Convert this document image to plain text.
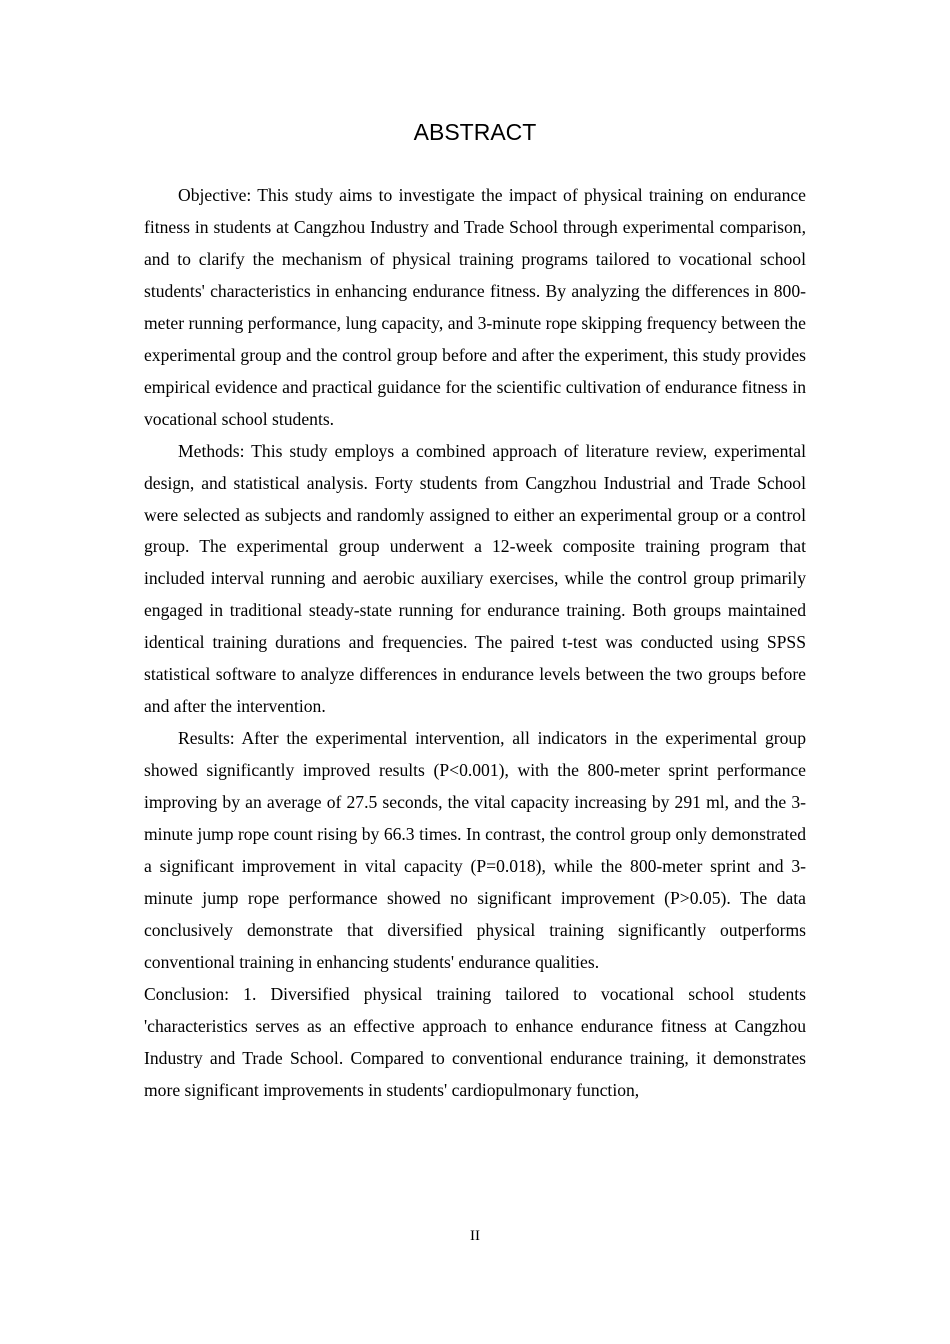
ABSTRACT

Objective: This study aims to investigate the impact of physical training on endurance fitness in students at Cangzhou Industry and Trade School through experimental comparison, and to clarify the mechanism of physical training programs tailored to vocational school students' characteristics in enhancing endurance fitness. By analyzing the differences in 800-meter running performance, lung capacity, and 3-minute rope skipping frequency between the experimental group and the control group before and after the experiment, this study provides empirical evidence and practical guidance for the scientific cultivation of endurance fitness in vocational school students.

Methods: This study employs a combined approach of literature review, experimental design, and statistical analysis. Forty students from Cangzhou Industrial and Trade School were selected as subjects and randomly assigned to either an experimental group or a control group. The experimental group underwent a 12-week composite training program that included interval running and aerobic auxiliary exercises, while the control group primarily engaged in traditional steady-state running for endurance training. Both groups maintained identical training durations and frequencies. The paired t-test was conducted using SPSS statistical software to analyze differences in endurance levels between the two groups before and after the intervention.

Results: After the experimental intervention, all indicators in the experimental group showed significantly improved results (P<0.001), with the 800-meter sprint performance improving by an average of 27.5 seconds, the vital capacity increasing by 291 ml, and the 3-minute jump rope count rising by 66.3 times. In contrast, the control group only demonstrated a significant improvement in vital capacity (P=0.018), while the 800-meter sprint and 3-minute jump rope performance showed no significant improvement (P>0.05). The data conclusively demonstrate that diversified physical training significantly outperforms conventional training in enhancing students' endurance qualities.

Conclusion: 1. Diversified physical training tailored to vocational school students 'characteristics serves as an effective approach to enhance endurance fitness at Cangzhou Industry and Trade School. Compared to conventional endurance training, it demonstrates more significant improvements in students' cardiopulmonary function,

II
